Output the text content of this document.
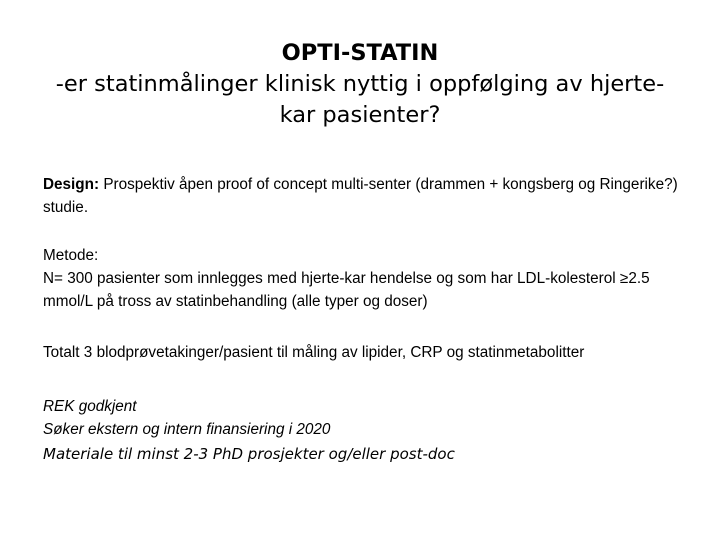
OPTI-STATIN
-er statinmålinger klinisk nyttig i oppfølging av hjerte-kar pasienter?

Design: Prospektiv åpen proof of concept multi-senter (drammen + kongsberg og Ringerike?) studie.

Metode:
N= 300 pasienter som innlegges med hjerte-kar hendelse og som har LDL-kolesterol ≥2.5 mmol/L på tross av statinbehandling (alle typer og doser)

Totalt 3 blodprøvetakinger/pasient til måling av lipider, CRP og statinmetabolitter

REK godkjent
Søker ekstern og intern finansiering i 2020
Materiale til minst 2-3 PhD prosjekter og/eller post-doc
